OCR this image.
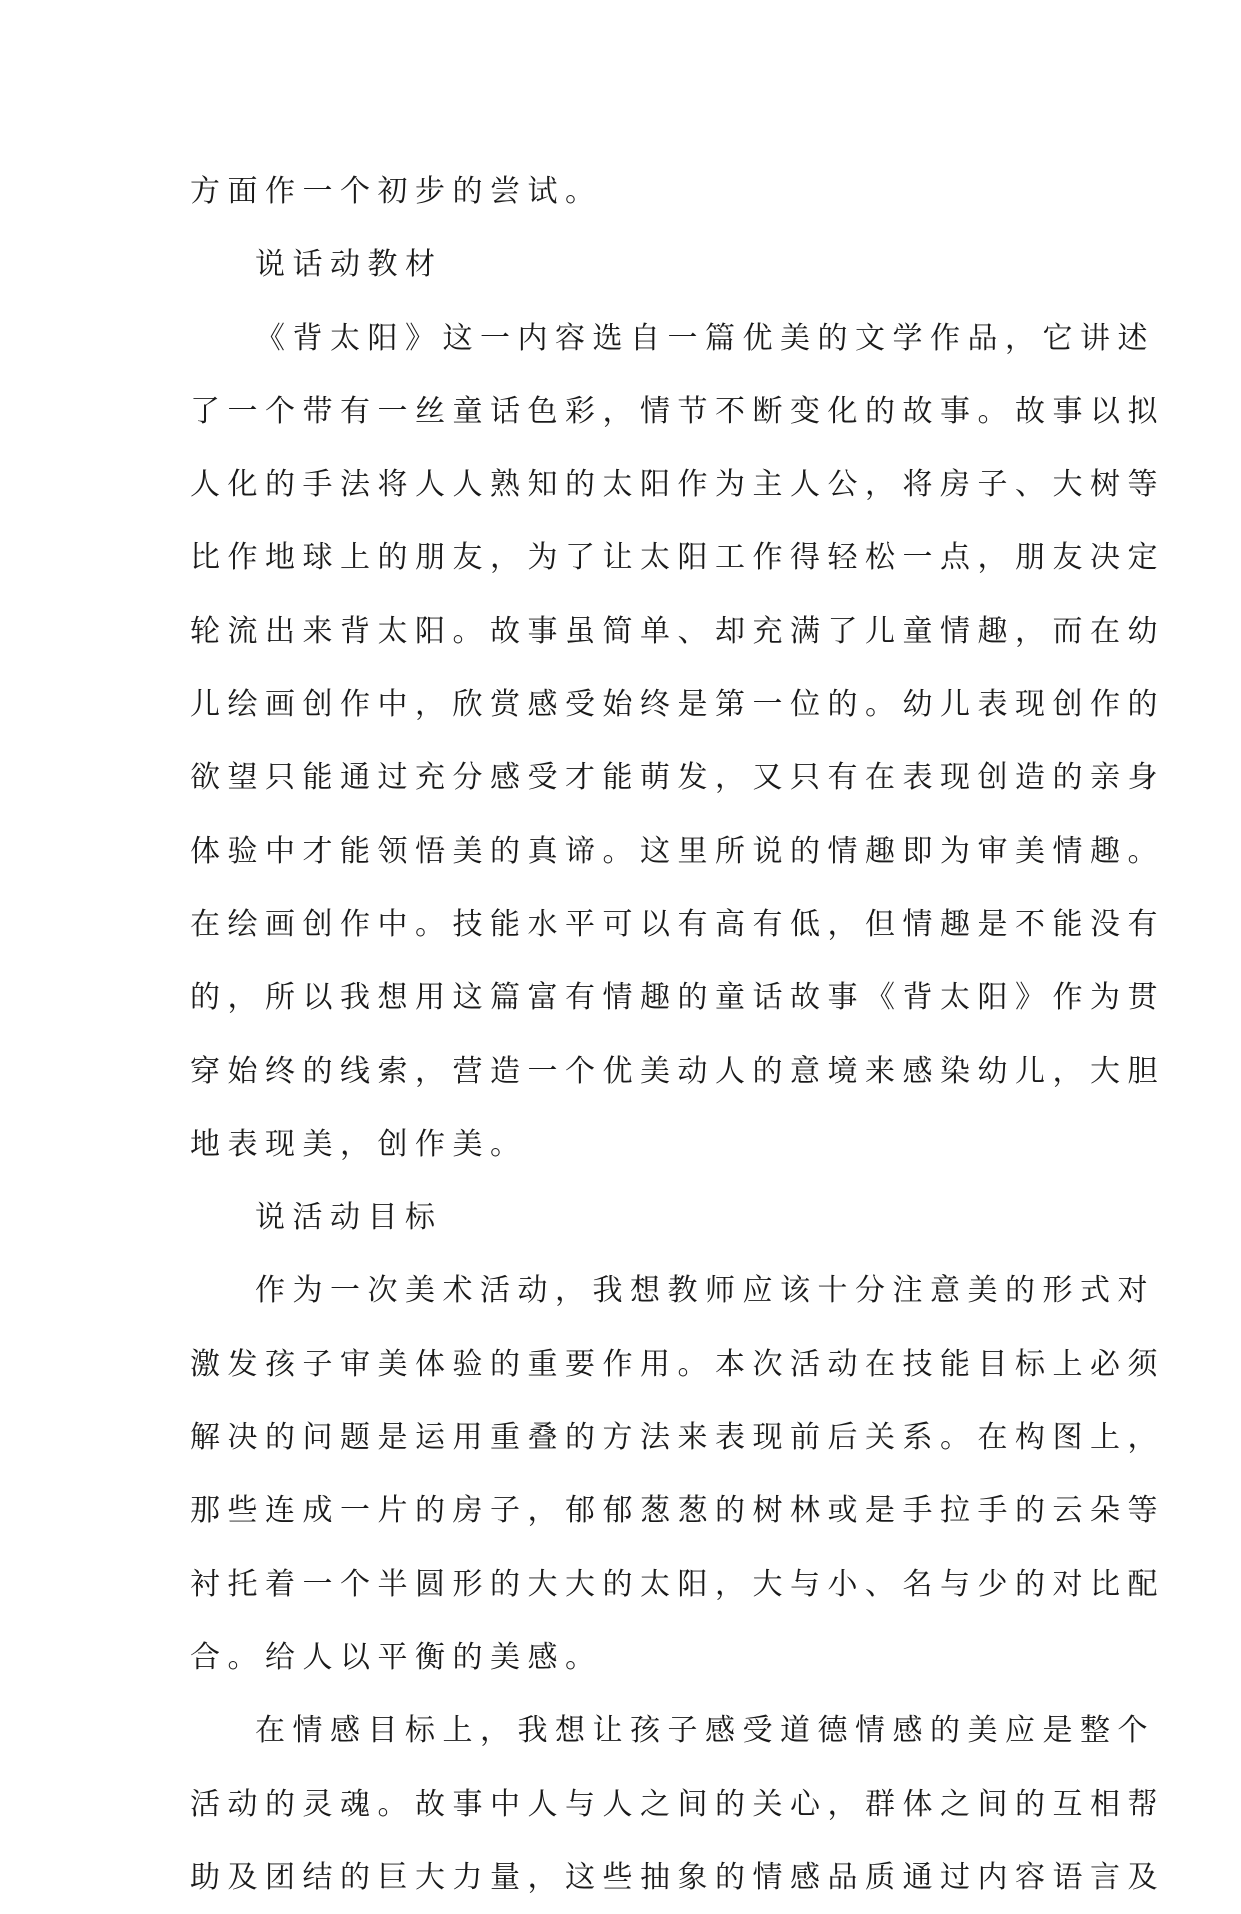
方面作一个初步的尝试。
说话动教材
《背太阳》这一内容选自一篇优美的文学作品，它讲述
了一个带有一丝童话色彩，情节不断变化的故事。故事以拟
人化的手法将人人熟知的太阳作为主人公，将房子、大树等
比作地球上的朋友，为了让太阳工作得轻松一点，朋友决定
轮流出来背太阳。故事虽简单、却充满了儿童情趣，而在幼
儿绘画创作中，欣赏感受始终是第一位的。幼儿表现创作的
欲望只能通过充分感受才能萌发，又只有在表现创造的亲身
体验中才能领悟美的真谛。这里所说的情趣即为审美情趣。
在绘画创作中。技能水平可以有高有低，但情趣是不能没有
的，所以我想用这篇富有情趣的童话故事《背太阳》作为贯
穿始终的线索，营造一个优美动人的意境来感染幼儿，大胆
地表现美，创作美。
说活动目标
作为一次美术活动，我想教师应该十分注意美的形式对
激发孩子审美体验的重要作用。本次活动在技能目标上必须
解决的问题是运用重叠的方法来表现前后关系。在构图上，
那些连成一片的房子，郁郁葱葱的树林或是手拉手的云朵等
衬托着一个半圆形的大大的太阳，大与小、名与少的对比配
合。给人以平衡的美感。
在情感目标上，我想让孩子感受道德情感的美应是整个
活动的灵魂。故事中人与人之间的关心，群体之间的互相帮
助及团结的巨大力量，这些抽象的情感品质通过内容语言及
